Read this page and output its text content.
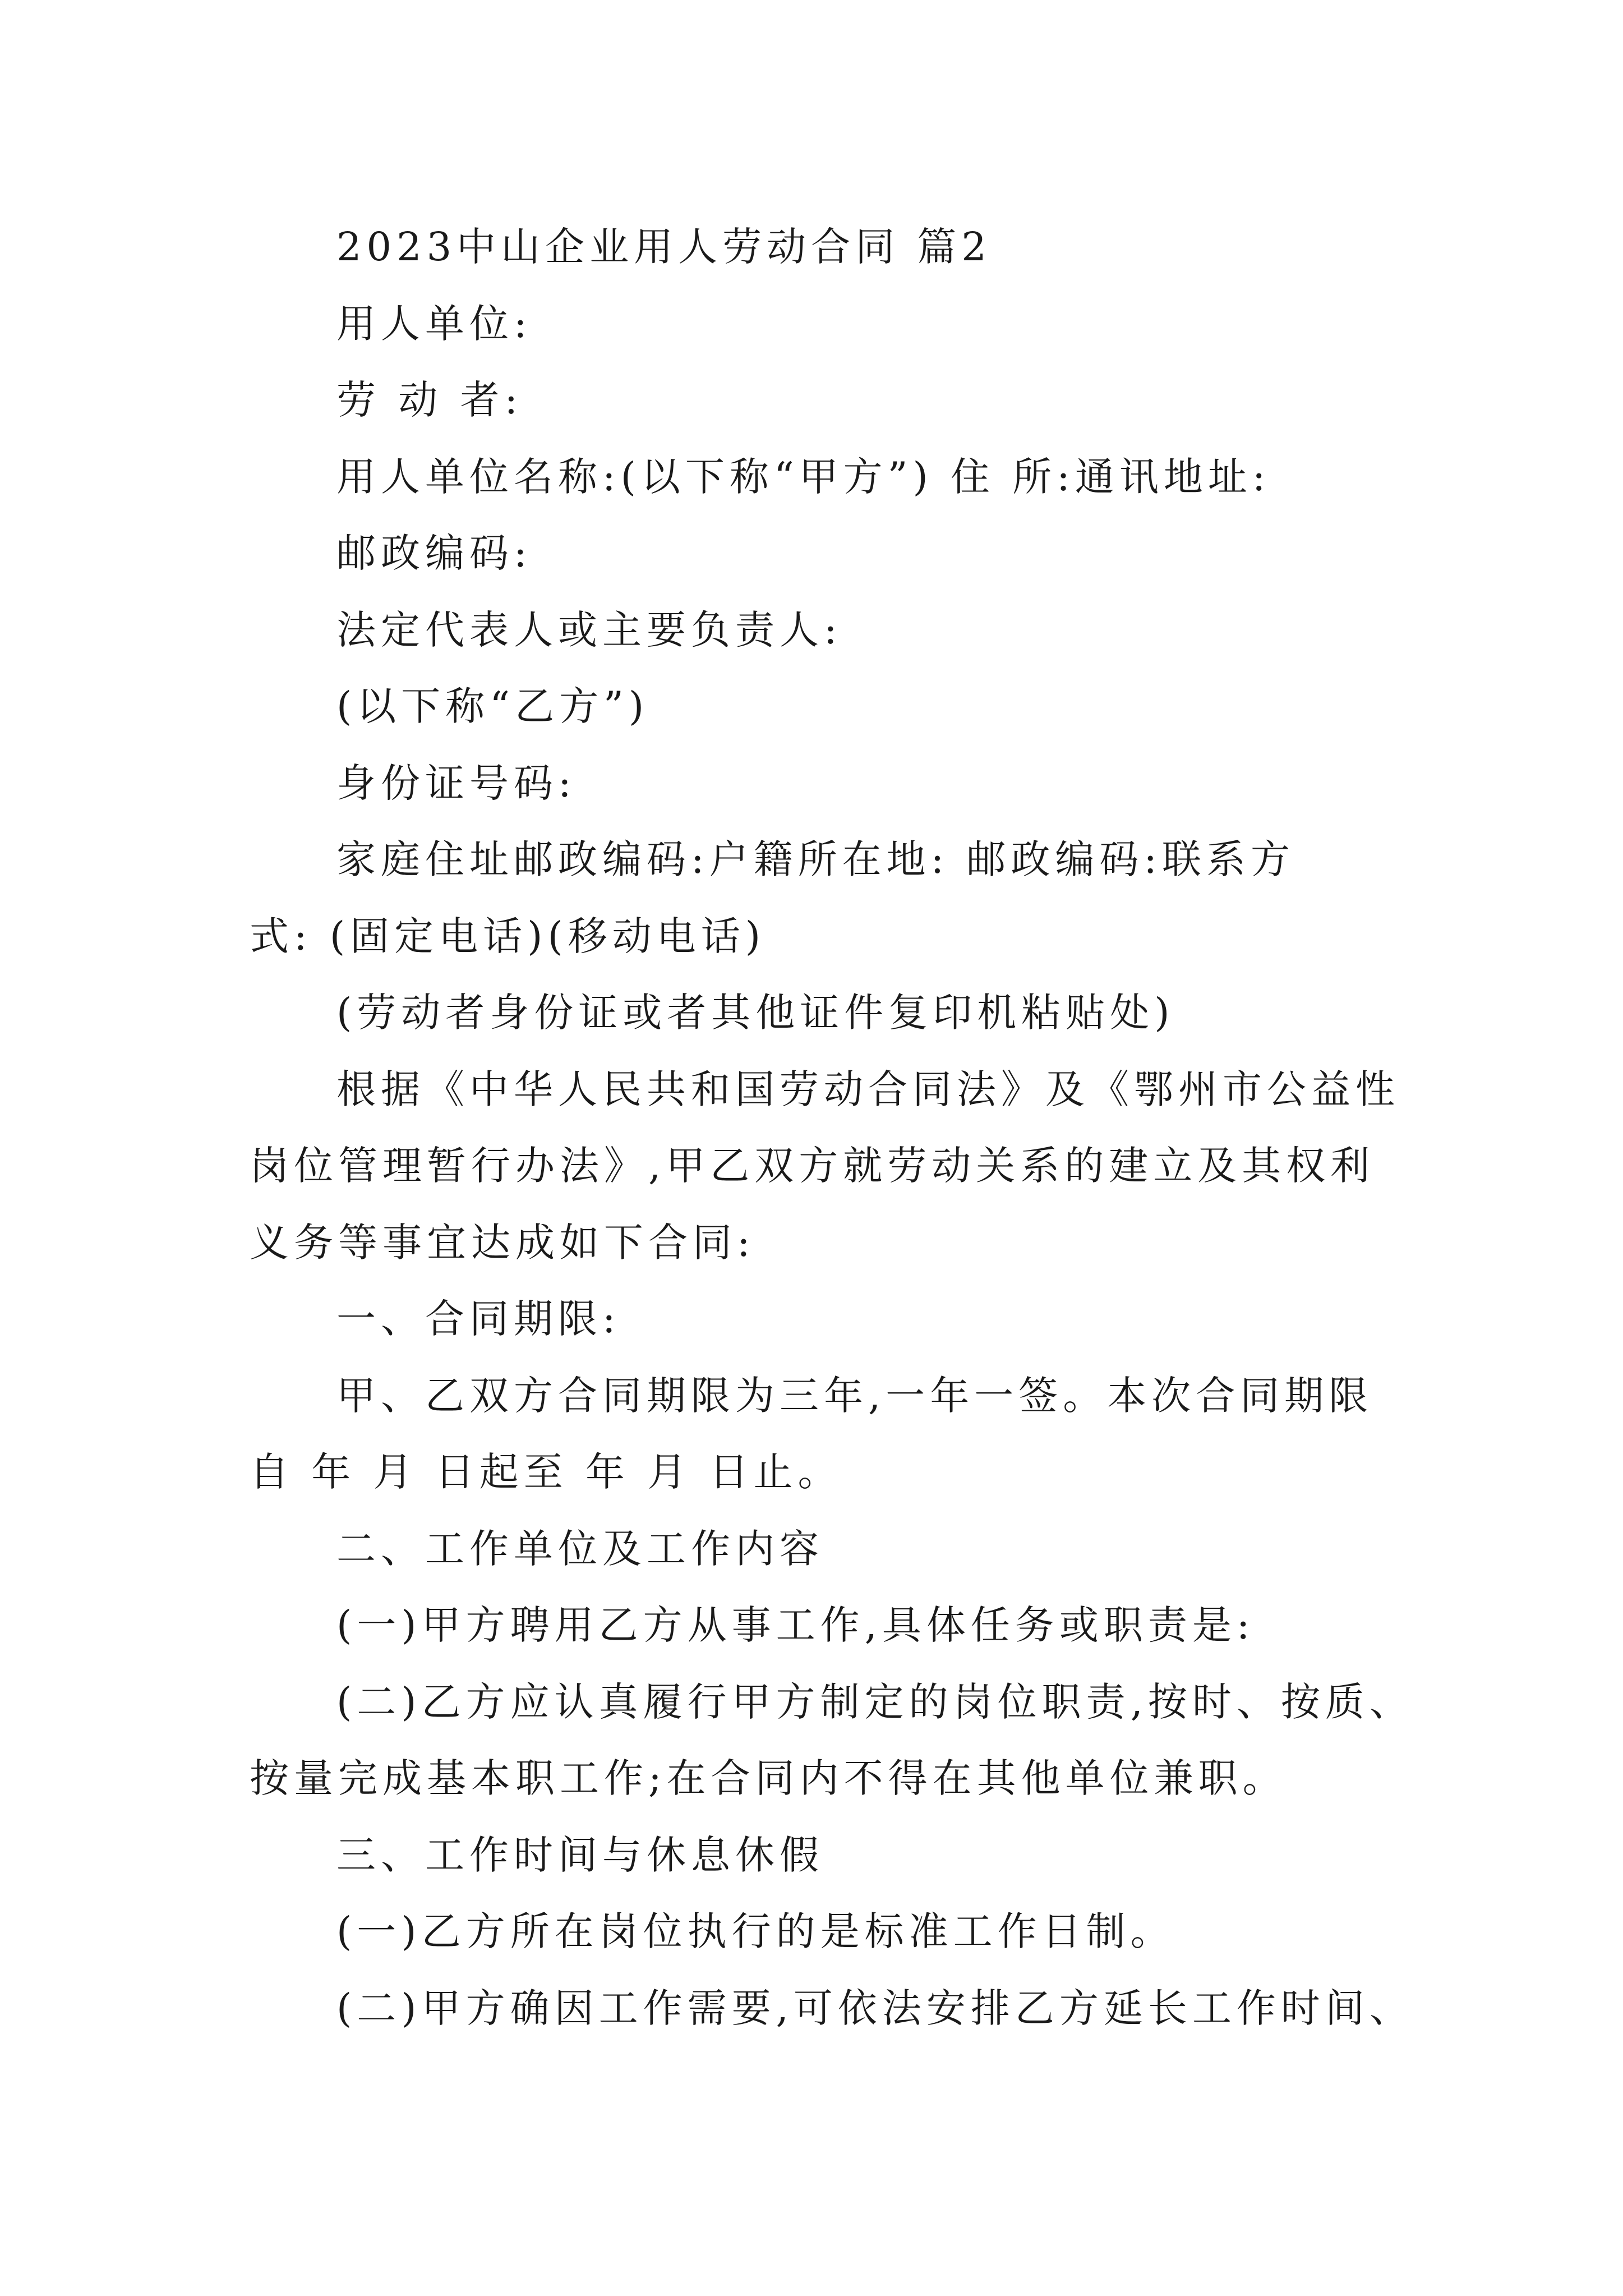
2023中山企业用人劳动合同 篇2

用人单位:

劳 动 者:

用人单位名称:(以下称“甲方”) 住 所:通讯地址:

邮政编码:

法定代表人或主要负责人:

(以下称“乙方”)

身份证号码:

家庭住址邮政编码:户籍所在地: 邮政编码:联系方

式: (固定电话)(移动电话)

(劳动者身份证或者其他证件复印机粘贴处)

根据《中华人民共和国劳动合同法》及《鄂州市公益性

岗位管理暂行办法》,甲乙双方就劳动关系的建立及其权利

义务等事宜达成如下合同:

一、合同期限:

甲、乙双方合同期限为三年,一年一签。本次合同期限

自 年 月 日起至 年 月 日止。

二、工作单位及工作内容

(一)甲方聘用乙方从事工作,具体任务或职责是:

(二)乙方应认真履行甲方制定的岗位职责,按时、按质、

按量完成基本职工作;在合同内不得在其他单位兼职。

三、工作时间与休息休假

(一)乙方所在岗位执行的是标准工作日制。

(二)甲方确因工作需要,可依法安排乙方延长工作时间、
